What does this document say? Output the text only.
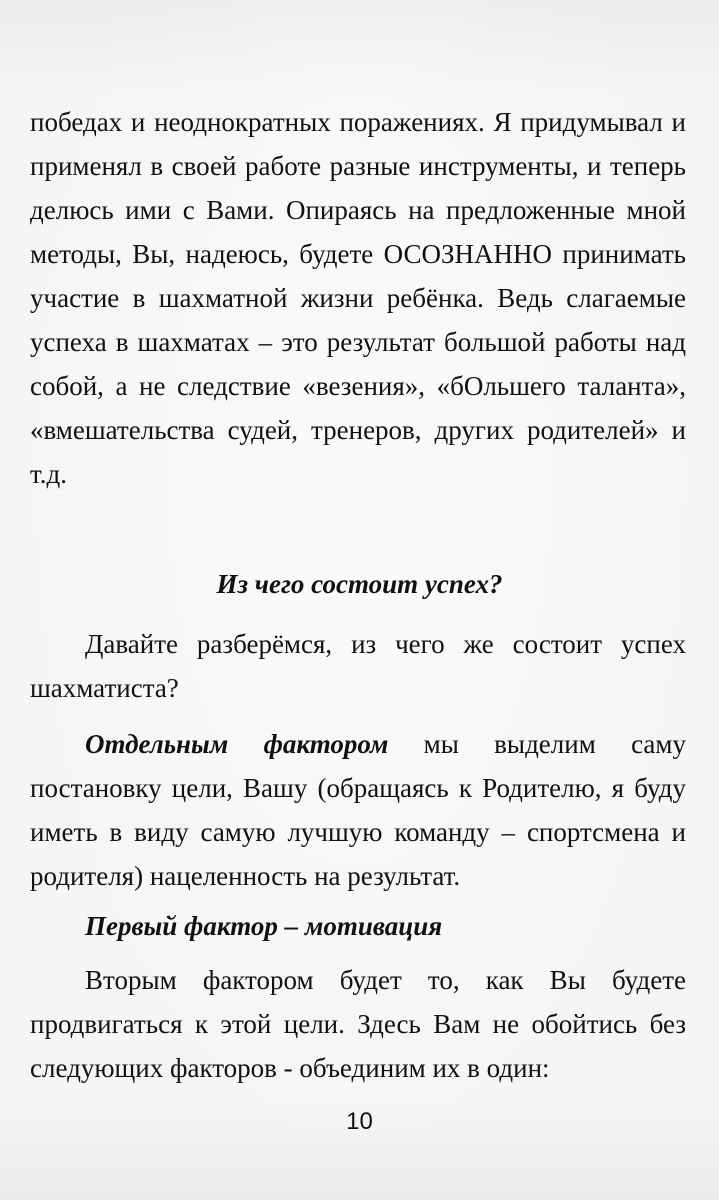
победах и неоднократных поражениях. Я придумывал и применял в своей работе разные инструменты, и теперь делюсь ими с Вами. Опираясь на предложенные мной методы, Вы, надеюсь, будете ОСОЗНАННО принимать участие в шахматной жизни ребёнка. Ведь слагаемые успеха в шахматах – это результат большой работы над собой, а не следствие «везения», «бОльшего таланта», «вмешательства судей, тренеров, других родителей» и т.д.

Из чего состоит успех?

Давайте разберёмся, из чего же состоит успех шахматиста?

Отдельным фактором мы выделим саму постановку цели, Вашу (обращаясь к Родителю, я буду иметь в виду самую лучшую команду – спортсмена и родителя) нацеленность на результат.

Первый фактор – мотивация

Вторым фактором будет то, как Вы будете продвигаться к этой цели. Здесь Вам не обойтись без следующих факторов - объединим их в один:

10
